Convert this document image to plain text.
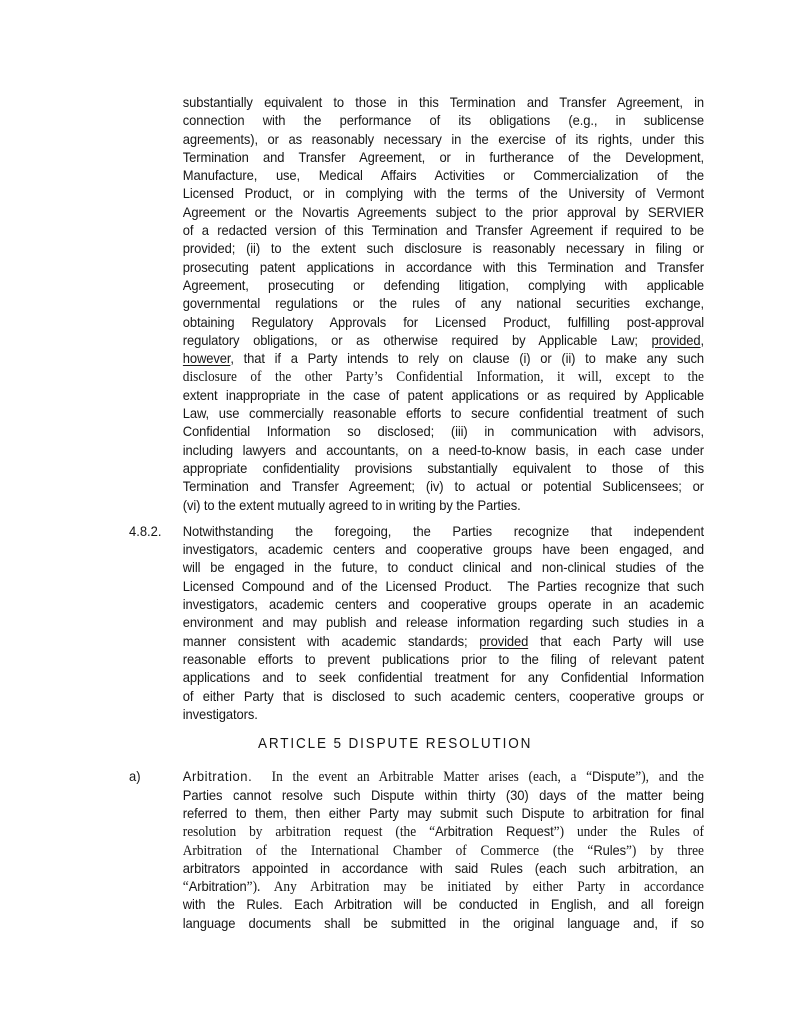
substantially equivalent to those in this Termination and Transfer Agreement, in
connection with the performance of its obligations (e.g., in sublicense
agreements), or as reasonably necessary in the exercise of its rights, under this
Termination and Transfer Agreement, or in furtherance of the Development,
Manufacture, use, Medical Affairs Activities or Commercialization of the
Licensed Product, or in complying with the terms of the University of Vermont
Agreement or the Novartis Agreements subject to the prior approval by SERVIER
of a redacted version of this Termination and Transfer Agreement if required to be
provided; (ii) to the extent such disclosure is reasonably necessary in filing or
prosecuting patent applications in accordance with this Termination and Transfer
Agreement, prosecuting or defending litigation, complying with applicable
governmental regulations or the rules of any national securities exchange,
obtaining Regulatory Approvals for Licensed Product, fulfilling post-approval
regulatory obligations, or as otherwise required by Applicable Law; provided,
however, that if a Party intends to rely on clause (i) or (ii) to make any such
disclosure of the other Party’s Confidential Information, it will, except to the
extent inappropriate in the case of patent applications or as required by Applicable
Law, use commercially reasonable efforts to secure confidential treatment of such
Confidential Information so disclosed; (iii) in communication with advisors,
including lawyers and accountants, on a need-to-know basis, in each case under
appropriate confidentiality provisions substantially equivalent to those of this
Termination and Transfer Agreement; (iv) to actual or potential Sublicensees; or
(vi) to the extent mutually agreed to in writing by the Parties.
4.8.2. Notwithstanding the foregoing, the Parties recognize that independent
investigators, academic centers and cooperative groups have been engaged, and
will be engaged in the future, to conduct clinical and non-clinical studies of the
Licensed Compound and of the Licensed Product.  The Parties recognize that such
investigators, academic centers and cooperative groups operate in an academic
environment and may publish and release information regarding such studies in a
manner consistent with academic standards; provided that each Party will use
reasonable efforts to prevent publications prior to the filing of relevant patent
applications and to seek confidential treatment for any Confidential Information
of either Party that is disclosed to such academic centers, cooperative groups or
investigators.
ARTICLE 5 DISPUTE RESOLUTION
a)	Arbitration.  In the event an Arbitrable Matter arises (each, a “Dispute”), and the
Parties cannot resolve such Dispute within thirty (30) days of the matter being
referred to them, then either Party may submit such Dispute to arbitration for final
resolution by arbitration request (the “Arbitration Request”) under the Rules of
Arbitration of the International Chamber of Commerce (the “Rules”) by three
arbitrators appointed in accordance with said Rules (each such arbitration, an
“Arbitration”). Any Arbitration may be initiated by either Party in accordance
with the Rules. Each Arbitration will be conducted in English, and all foreign
language documents shall be submitted in the original language and, if so
